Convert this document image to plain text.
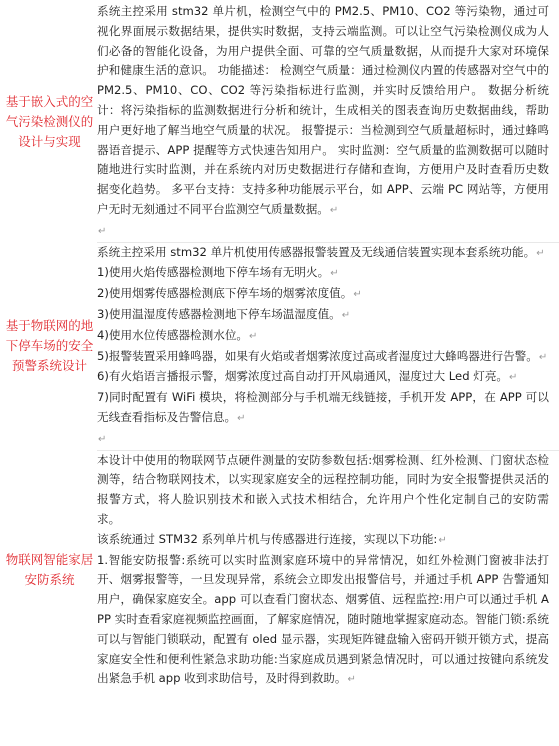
基于嵌入式的空气污染检测仪的设计与实现

系统主控采用 stm32 单片机，检测空气中的 PM2.5、PM10、CO2 等污染物，通过可视化界面展示数据结果，提供实时数据，支持云端监测。可以让空气污染检测仪成为人们必备的智能化设备，为用户提供全面、可靠的空气质量数据，从而提升大家对环境保护和健康生活的意识。 功能描述： 检测空气质量：通过检测仪内置的传感器对空气中的 PM2.5、PM10、CO、CO2 等污染指标进行监测，并实时反馈给用户。 数据分析统计：将污染指标的监测数据进行分析和统计，生成相关的图表查询历史数据曲线，帮助用户更好地了解当地空气质量的状况。 报警提示：当检测到空气质量超标时，通过蜂鸣器语音提示、APP 提醒等方式快速告知用户。 实时监测：空气质量的监测数据可以随时随地进行实时监测，并在系统内对历史数据进行存储和查询，方便用户及时查看历史数据变化趋势。 多平台支持：支持多种功能展示平台，如 APP、云端 PC 网站等，方便用户无时无刻通过不同平台监测空气质量数据。↵

↵

基于物联网的地下停车场的安全预警系统设计

系统主控采用 stm32 单片机使用传感器报警装置及无线通信装置实现本套系统功能。↵

1)使用火焰传感器检测地下停车场有无明火。↵

2)使用烟雾传感器检测底下停车场的烟雾浓度值。↵

3)使用温湿度传感器检测地下停车场温湿度值。↵

4)使用水位传感器检测水位。↵

5)报警装置采用蜂鸣器，如果有火焰或者烟雾浓度过高或者湿度过大蜂鸣器进行告警。↵

6)有火焰语言播报示警，烟雾浓度过高自动打开风扇通风，湿度过大 Led 灯亮。↵

7)同时配置有 WiFi 模块，将检测部分与手机端无线链接，手机开发 APP，在 APP 可以无线查看指标及告警信息。↵

↵

物联网智能家居安防系统

本设计中使用的物联网节点硬件测量的安防参数包括:烟雾检测、红外检测、门窗状态检测等，结合物联网技术，以实现家庭安全的远程控制功能，同时为安全报警提供灵活的报警方式，将人脸识别技术和嵌入式技术相结合，允许用户个性化定制自己的安防需求。

该系统通过 STM32 系列单片机与传感器进行连接，实现以下功能:↵

1.智能安防报警:系统可以实时监测家庭环境中的异常情况，如红外检测门窗被非法打开、烟雾报警等，一旦发现异常，系统会立即发出报警信号，并通过手机 APP 告警通知用户，确保家庭安全。app 可以查看门窗状态、烟雾值、远程监控:用户可以通过手机 APP 实时查看家庭视频监控画面，了解家庭情况，随时随地掌握家庭动态。智能门锁:系统可以与智能门锁联动，配置有 oled 显示器，实现矩阵键盘输入密码开锁开锁方式，提高家庭安全性和便利性紧急求助功能:当家庭成员遇到紧急情况时，可以通过按键向系统发出紧急手机 app 收到求助信号，及时得到救助。↵
